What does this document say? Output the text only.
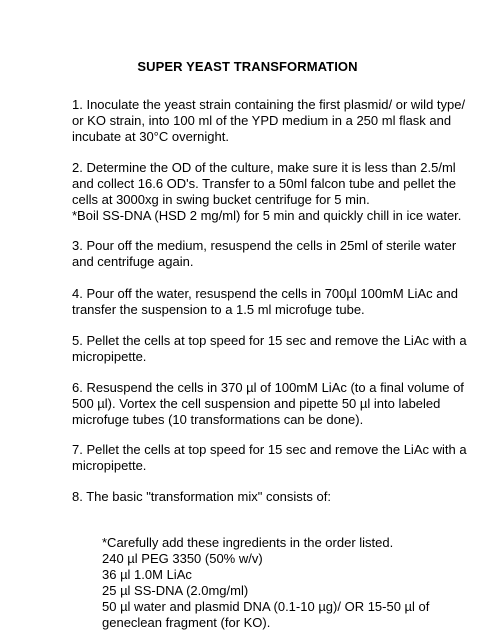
SUPER YEAST TRANSFORMATION
1. Inoculate the yeast strain containing the first plasmid/ or wild type/
or KO strain, into 100 ml of the YPD medium in a 250 ml flask and
incubate at 30°C overnight.
2. Determine the OD of the culture, make sure it is less than 2.5/ml
and collect 16.6 OD's. Transfer to a 50ml falcon tube and pellet the
cells at 3000xg in swing bucket centrifuge for 5 min.
*Boil SS-DNA (HSD 2 mg/ml) for 5 min and quickly chill in ice water.
3. Pour off the medium, resuspend the cells in 25ml of sterile water
and centrifuge again.
4. Pour off the water, resuspend the cells in 700µl 100mM LiAc and
transfer the suspension to a 1.5 ml microfuge tube.
5. Pellet the cells at top speed for 15 sec and remove the LiAc with a
micropipette.
6. Resuspend the cells in 370 µl of 100mM LiAc (to a final volume of
500 µl). Vortex the cell suspension and pipette 50 µl into labeled
microfuge tubes (10 transformations can be done).
7. Pellet the cells at top speed for 15 sec and remove the LiAc with a
micropipette.
8. The basic "transformation mix" consists of:
*Carefully add these ingredients in the order listed.
240 µl PEG 3350 (50% w/v)
36 µl 1.0M LiAc
25 µl SS-DNA (2.0mg/ml)
50 µl water and plasmid DNA (0.1-10 µg)/ OR 15-50 µl of
geneclean fragment (for KO).
